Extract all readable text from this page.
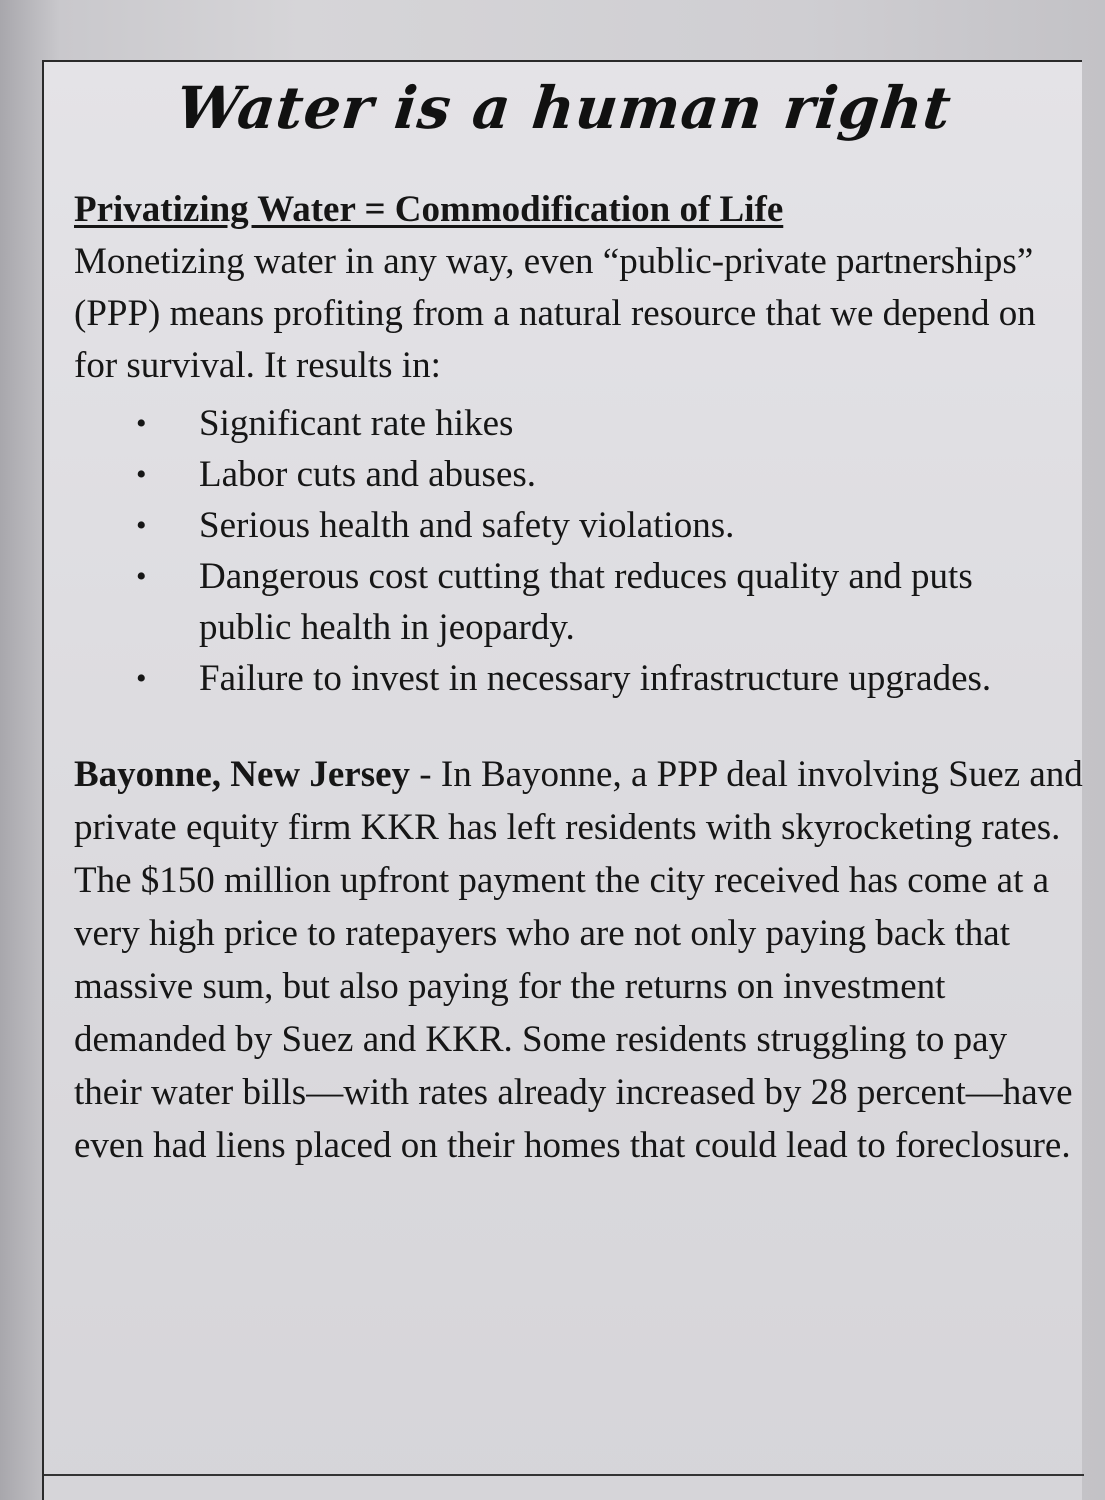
Water is a human right
Privatizing Water = Commodification of Life

Monetizing water in any way, even “public-private partnerships” (PPP) means profiting from a natural resource that we depend on for survival. It results in:

• Significant rate hikes
• Labor cuts and abuses.
• Serious health and safety violations.
• Dangerous cost cutting that reduces quality and puts public health in jeopardy.
• Failure to invest in necessary infrastructure upgrades.
Bayonne, New Jersey - In Bayonne, a PPP deal involving Suez and private equity firm KKR has left residents with skyrocketing rates. The $150 million upfront payment the city received has come at a very high price to ratepayers who are not only paying back that massive sum, but also paying for the returns on investment demanded by Suez and KKR. Some residents struggling to pay their water bills—with rates already increased by 28 percent—have even had liens placed on their homes that could lead to foreclosure.
